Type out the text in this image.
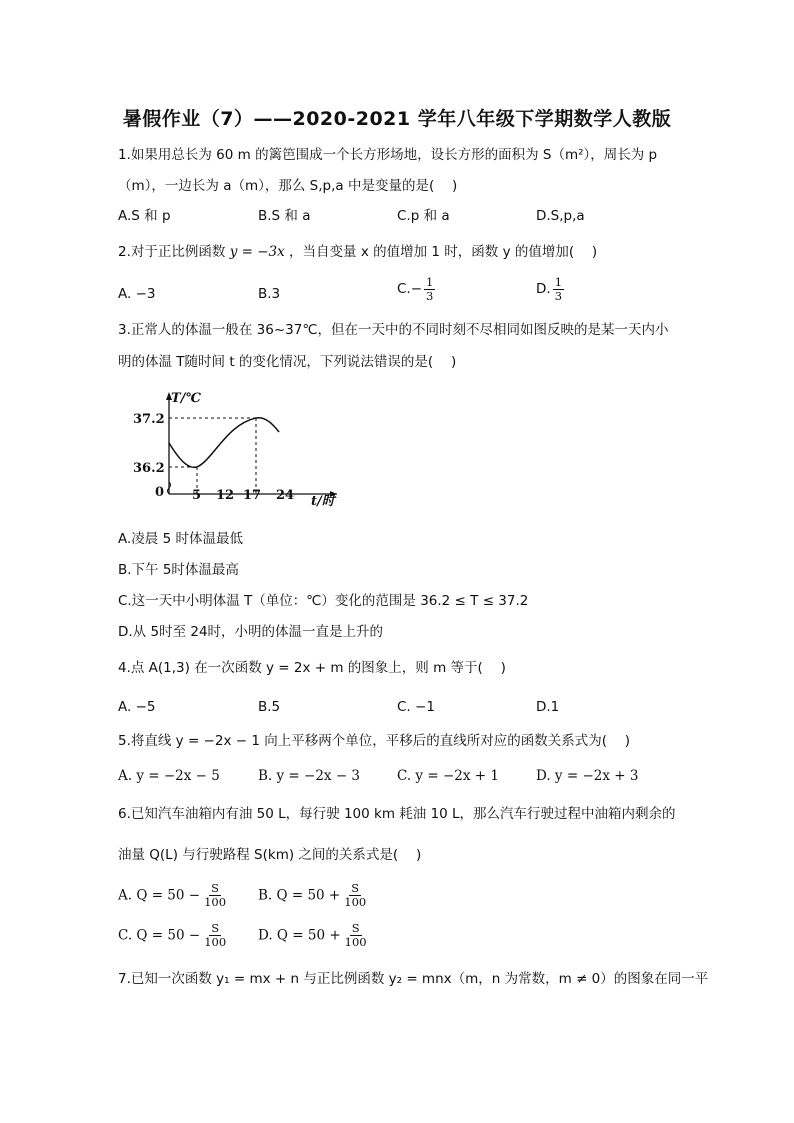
暑假作业（7）——2020-2021 学年八年级下学期数学人教版
1.如果用总长为 60 m 的篱笆围成一个长方形场地，设长方形的面积为 S（m²），周长为 p
（m），一边长为 a（m），那么 S,p,a 中是变量的是(　 )
A.S 和 p	B.S 和 a	C.p 和 a	D.S,p,a
2.对于正比例函数 y = −3x ，当自变量 x 的值增加 1 时，函数 y 的值增加(　 )
A. −3	B.3	$C.- \frac{1}{3}$	D. $\frac{1}{3}$
3.正常人的体温一般在 36~37℃，但在一天中的不同时刻不尽相同如图反映的是某一天内小
明的体温 T随时间 t 的变化情况，下列说法错误的是(　 )
T/℃
37.2
36.2
0 5 12 17 24 t/时
A.凌晨 5 时体温最低
B.下午 5时体温最高
C.这一天中小明体温 T（单位：℃）变化的范围是 36.2 ≤ T ≤ 37.2
D.从 5时至 24时，小明的体温一直是上升的
4.点 A(1,3) 在一次函数 y = 2x + m 的图象上，则 m 等于(　 )
A. −5	B.5	C. −1	D.1
5.将直线 y = −2x − 1 向上平移两个单位，平移后的直线所对应的函数关系式为(　 )
A. y = −2x − 5	B. y = −2x − 3	C. y = −2x + 1	D. y = −2x + 3
6.已知汽车油箱内有油 50 L，每行驶 100 km 耗油 10 L，那么汽车行驶过程中油箱内剩余的
油量 Q(L) 与行驶路程 S(km) 之间的关系式是(　 )
A. $Q = 50 - \frac{S}{100} B$. $Q = 50 + \frac{S}{100}$
C. $Q = 50 - \frac{S}{100} D$. $Q = 50 + \frac{S}{100}$
7.已知一次函数 y₁ = mx + n 与正比例函数 y₂ = mnx（m，n 为常数，m ≠ 0）的图象在同一平
